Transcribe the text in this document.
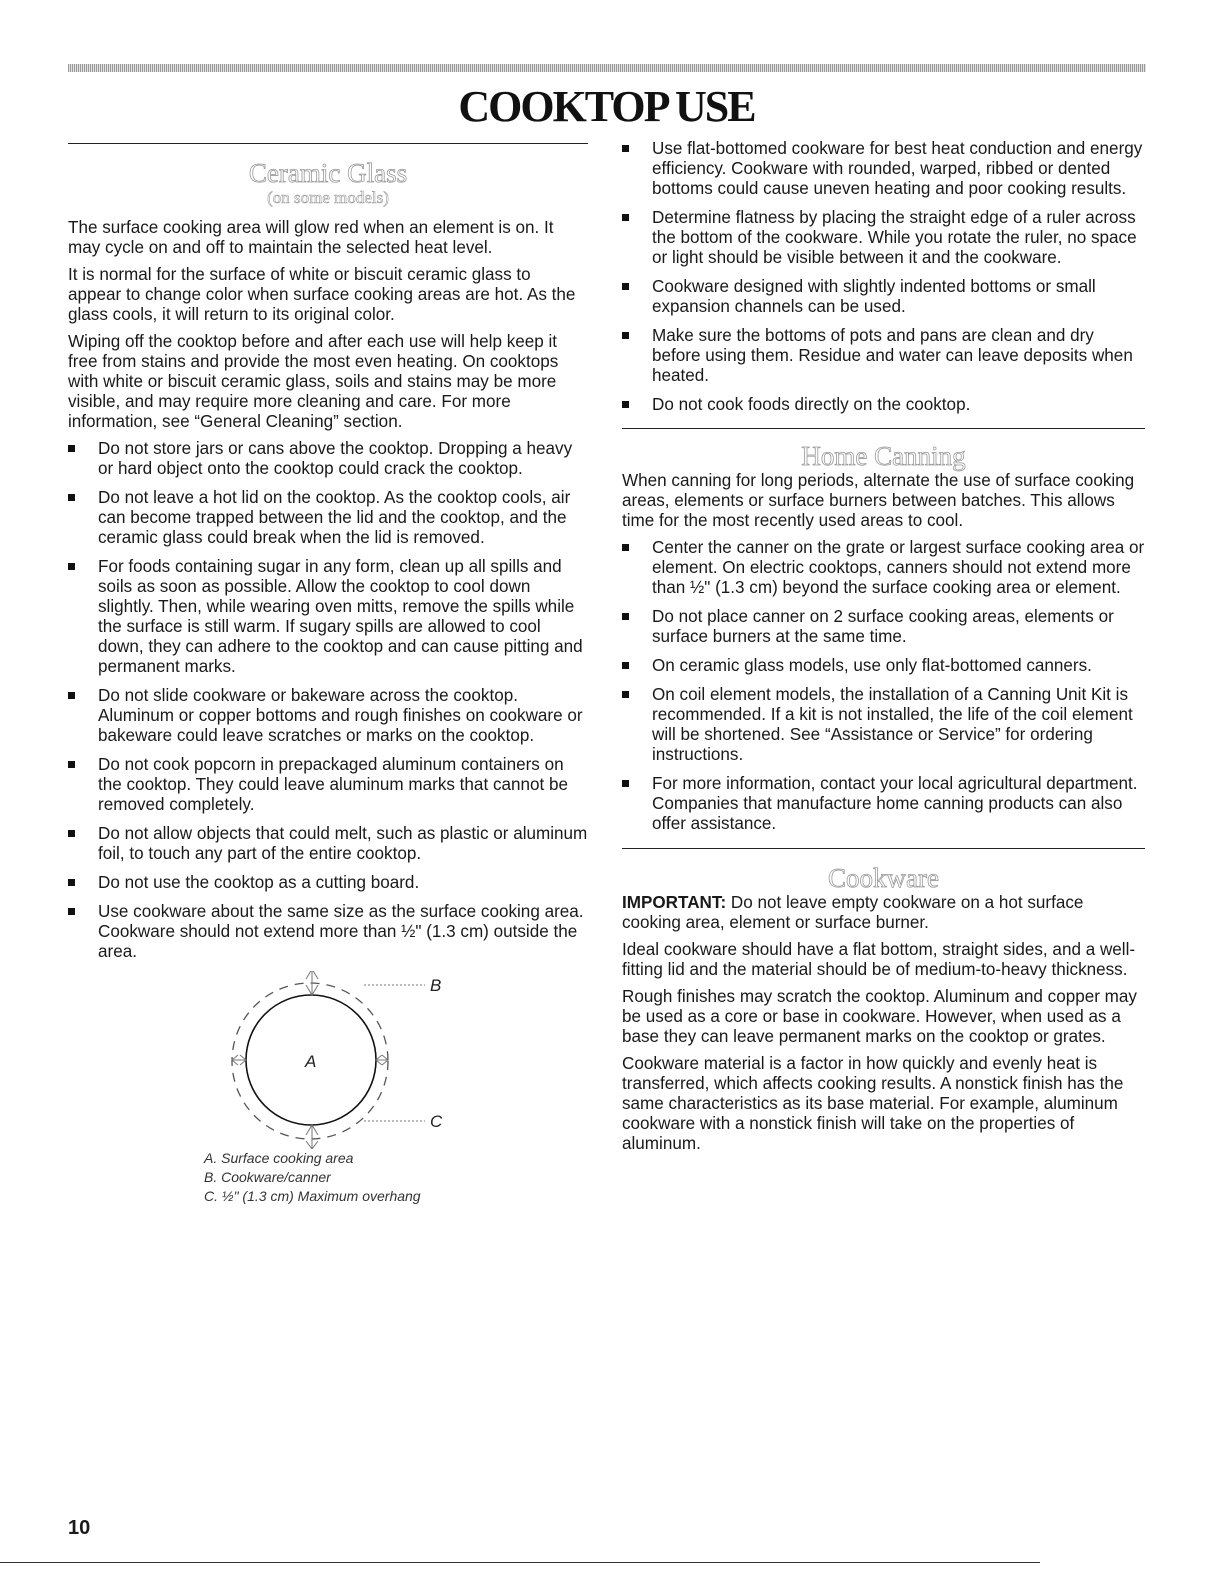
COOKTOP USE
Ceramic Glass
(on some models)

The surface cooking area will glow red when an element is on. It may cycle on and off to maintain the selected heat level.

It is normal for the surface of white or biscuit ceramic glass to appear to change color when surface cooking areas are hot. As the glass cools, it will return to its original color.

Wiping off the cooktop before and after each use will help keep it free from stains and provide the most even heating. On cooktops with white or biscuit ceramic glass, soils and stains may be more visible, and may require more cleaning and care. For more information, see “General Cleaning” section.

Do not store jars or cans above the cooktop. Dropping a heavy or hard object onto the cooktop could crack the cooktop.
Do not leave a hot lid on the cooktop. As the cooktop cools, air can become trapped between the lid and the cooktop, and the ceramic glass could break when the lid is removed.
For foods containing sugar in any form, clean up all spills and soils as soon as possible. Allow the cooktop to cool down slightly. Then, while wearing oven mitts, remove the spills while the surface is still warm. If sugary spills are allowed to cool down, they can adhere to the cooktop and can cause pitting and permanent marks.
Do not slide cookware or bakeware across the cooktop. Aluminum or copper bottoms and rough finishes on cookware or bakeware could leave scratches or marks on the cooktop.
Do not cook popcorn in prepackaged aluminum containers on the cooktop. They could leave aluminum marks that cannot be removed completely.
Do not allow objects that could melt, such as plastic or aluminum foil, to touch any part of the entire cooktop.
Do not use the cooktop as a cutting board.
Use cookware about the same size as the surface cooking area. Cookware should not extend more than ½" (1.3 cm) outside the area.
A
B
C
A. Surface cooking area
B. Cookware/canner
C. ½" (1.3 cm) Maximum overhang
Use flat-bottomed cookware for best heat conduction and energy efficiency. Cookware with rounded, warped, ribbed or dented bottoms could cause uneven heating and poor cooking results.
Determine flatness by placing the straight edge of a ruler across the bottom of the cookware. While you rotate the ruler, no space or light should be visible between it and the cookware.
Cookware designed with slightly indented bottoms or small expansion channels can be used.
Make sure the bottoms of pots and pans are clean and dry before using them. Residue and water can leave deposits when heated.
Do not cook foods directly on the cooktop.
Home Canning

When canning for long periods, alternate the use of surface cooking areas, elements or surface burners between batches. This allows time for the most recently used areas to cool.

Center the canner on the grate or largest surface cooking area or element. On electric cooktops, canners should not extend more than ½" (1.3 cm) beyond the surface cooking area or element.
Do not place canner on 2 surface cooking areas, elements or surface burners at the same time.
On ceramic glass models, use only flat-bottomed canners.
On coil element models, the installation of a Canning Unit Kit is recommended. If a kit is not installed, the life of the coil element will be shortened. See “Assistance or Service” for ordering instructions.
For more information, contact your local agricultural department. Companies that manufacture home canning products can also offer assistance.
Cookware

IMPORTANT: Do not leave empty cookware on a hot surface cooking area, element or surface burner.

Ideal cookware should have a flat bottom, straight sides, and a well-fitting lid and the material should be of medium-to-heavy thickness.

Rough finishes may scratch the cooktop. Aluminum and copper may be used as a core or base in cookware. However, when used as a base they can leave permanent marks on the cooktop or grates.

Cookware material is a factor in how quickly and evenly heat is transferred, which affects cooking results. A nonstick finish has the same characteristics as its base material. For example, aluminum cookware with a nonstick finish will take on the properties of aluminum.

10
